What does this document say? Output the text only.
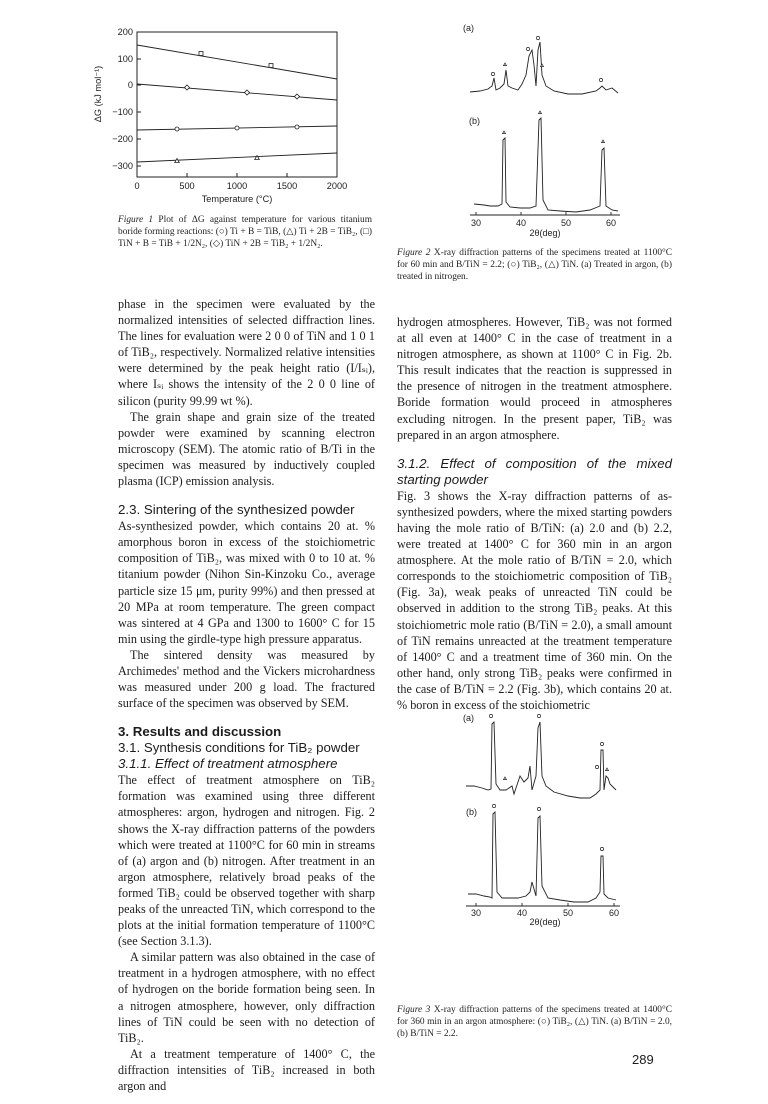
200
100
0
−100
−200
−300
0	500	1000	1500	2000
Temperature (°C)
ΔG (kJ mol⁻¹)
Figure 1 Plot of ΔG against temperature for various titanium boride forming reactions: (○) Ti + B = TiB, (△) Ti + 2B = TiB₂, (□) TiN + B = TiB + 1/2N₂, (◇) TiN + 2B = TiB₂ + 1/2N₂.
(a)
(b)
30	40	50	60
2θ(deg)
Figure 2 X-ray diffraction patterns of the specimens treated at 1100°C for 60 min and B/TiN = 2.2; (○) TiB₂, (△) TiN. (a) Treated in argon, (b) treated in nitrogen.
(a)
(b)
30	40	50	60
2θ(deg)
Figure 3 X-ray diffraction patterns of the specimens treated at 1400°C for 360 min in an argon atmosphere: (○) TiB₂, (△) TiN. (a) B/TiN = 2.0, (b) B/TiN = 2.2.

phase in the specimen were evaluated by the normalized intensities of selected diffraction lines. The lines for evaluation were 2 0 0 of TiN and 1 0 1 of TiB₂, respectively. Normalized relative intensities were determined by the peak height ratio (I/Iₛᵢ), where Iₛᵢ shows the intensity of the 2 0 0 line of silicon (purity 99.99 wt %).

The grain shape and grain size of the treated powder were examined by scanning electron microscopy (SEM). The atomic ratio of B/Ti in the specimen was measured by inductively coupled plasma (ICP) emission analysis.

2.3. Sintering of the synthesized powder

As-synthesized powder, which contains 20 at. % amorphous boron in excess of the stoichiometric composition of TiB₂, was mixed with 0 to 10 at. % titanium powder (Nihon Sin-Kinzoku Co., average particle size 15 μm, purity 99%) and then pressed at 20 MPa at room temperature. The green compact was sintered at 4 GPa and 1300 to 1600° C for 15 min using the girdle-type high pressure apparatus.

The sintered density was measured by Archimedes' method and the Vickers microhardness was measured under 200 g load. The fractured surface of the specimen was observed by SEM.

3. Results and discussion
3.1. Synthesis conditions for TiB₂ powder
3.1.1. Effect of treatment atmosphere

The effect of treatment atmosphere on TiB₂ formation was examined using three different atmospheres: argon, hydrogen and nitrogen. Fig. 2 shows the X-ray diffraction patterns of the powders which were treated at 1100°C for 60 min in streams of (a) argon and (b) nitrogen. After treatment in an argon atmosphere, relatively broad peaks of the formed TiB₂ could be observed together with sharp peaks of the unreacted TiN, which correspond to the plots at the initial formation temperature of 1100°C (see Section 3.1.3).

A similar pattern was also obtained in the case of treatment in a hydrogen atmosphere, with no effect of hydrogen on the boride formation being seen. In a nitrogen atmosphere, however, only diffraction lines of TiN could be seen with no detection of TiB₂.

At a treatment temperature of 1400° C, the diffraction intensities of TiB₂ increased in both argon and

hydrogen atmospheres. However, TiB₂ was not formed at all even at 1400° C in the case of treatment in a nitrogen atmosphere, as shown at 1100° C in Fig. 2b. This result indicates that the reaction is suppressed in the presence of nitrogen in the treatment atmosphere. Boride formation would proceed in atmospheres excluding nitrogen. In the present paper, TiB₂ was prepared in an argon atmosphere.

3.1.2. Effect of composition of the mixed starting powder

Fig. 3 shows the X-ray diffraction patterns of as-synthesized powders, where the mixed starting powders having the mole ratio of B/TiN: (a) 2.0 and (b) 2.2, were treated at 1400° C for 360 min in an argon atmosphere. At the mole ratio of B/TiN = 2.0, which corresponds to the stoichiometric composition of TiB₂ (Fig. 3a), weak peaks of unreacted TiN could be observed in addition to the strong TiB₂ peaks. At this stoichiometric mole ratio (B/TiN = 2.0), a small amount of TiN remains unreacted at the treatment temperature of 1400° C and a treatment time of 360 min. On the other hand, only strong TiB₂ peaks were confirmed in the case of B/TiN = 2.2 (Fig. 3b), which contains 20 at. % boron in excess of the stoichiometric

289
